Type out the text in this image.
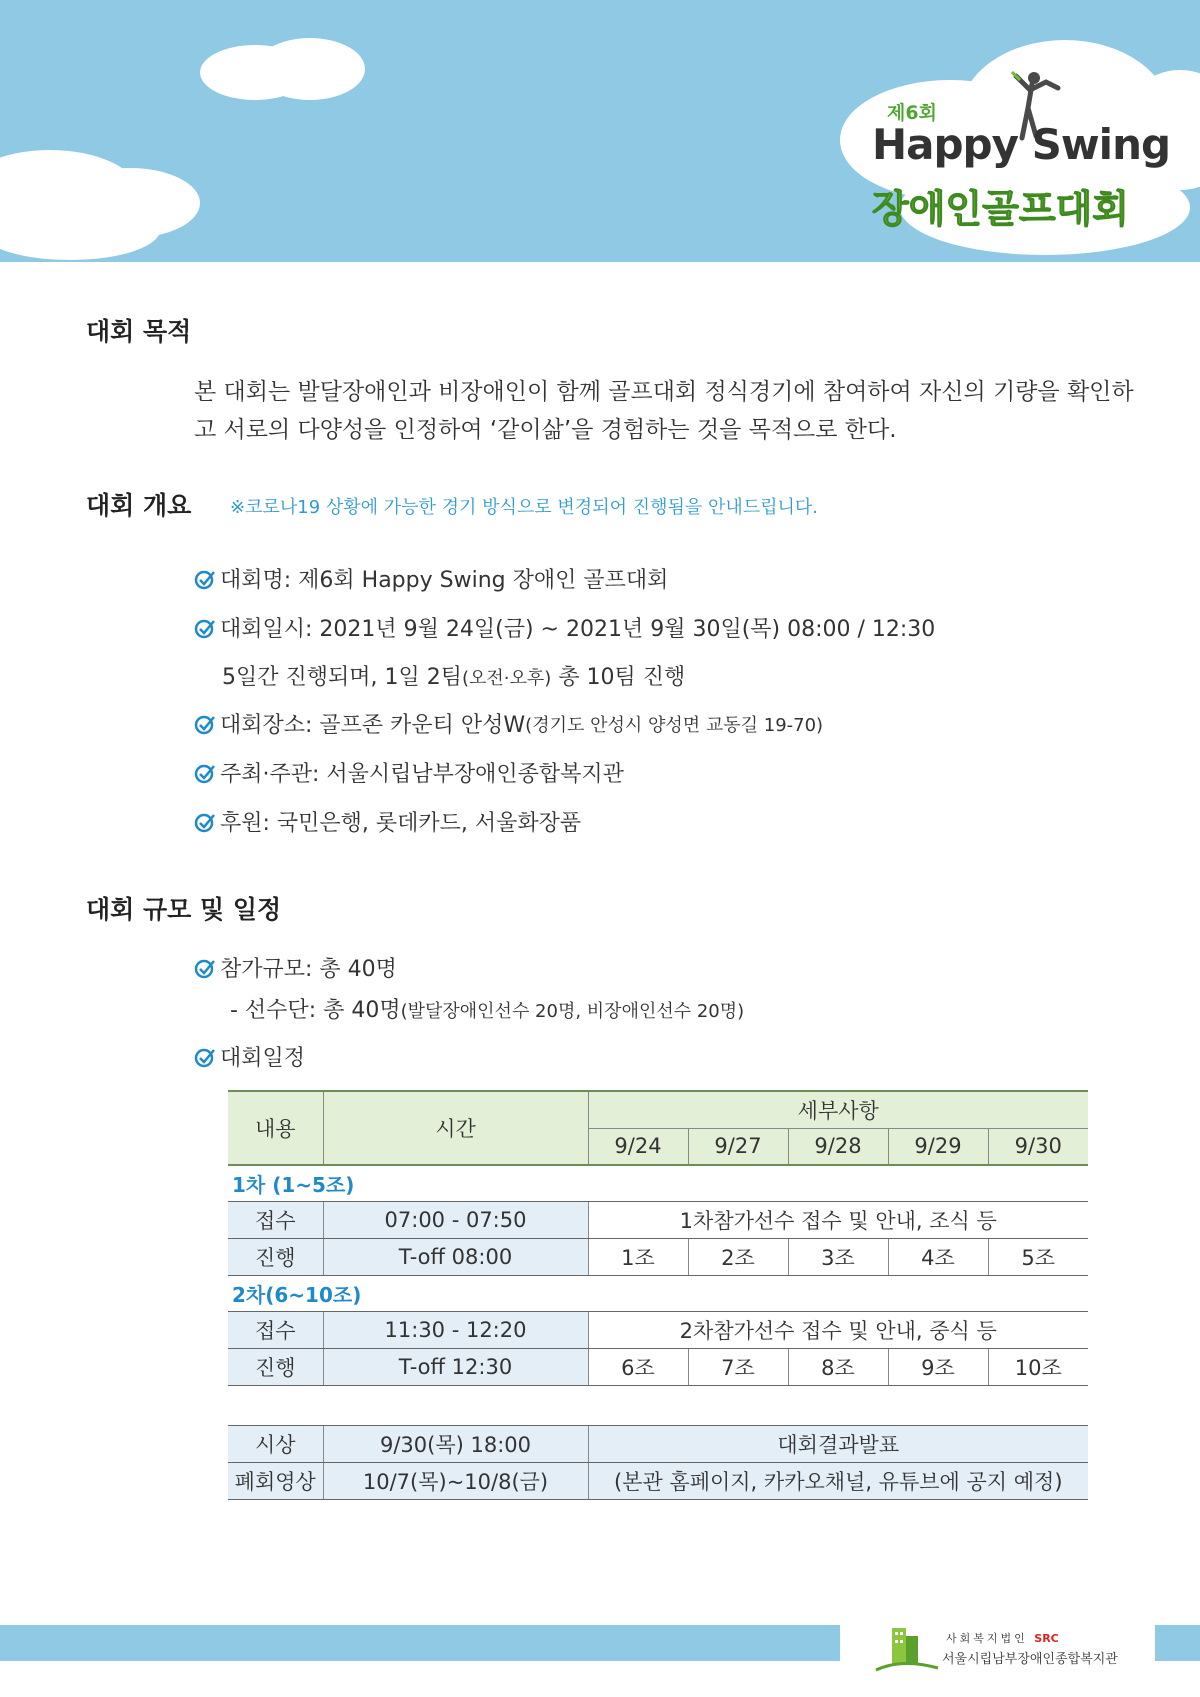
제6회
Happy Swing
장애인골프대회
대회 목적
본 대회는 발달장애인과 비장애인이 함께 골프대회 정식경기에 참여하여 자신의 기량을 확인하고 서로의 다양성을 인정하여 ‘같이삶’을 경험하는 것을 목적으로 한다.
대회 개요 ※코로나19 상황에 가능한 경기 방식으로 변경되어 진행됨을 안내드립니다.
대회명: 제6회 Happy Swing 장애인 골프대회
대회일시: 2021년 9월 24일(금) ~ 2021년 9월 30일(목) 08:00 / 12:30
5일간 진행되며, 1일 2팀(오전·오후) 총 10팀 진행
대회장소: 골프존 카운티 안성W (경기도 안성시 양성면 교동길 19-70)
주최·주관: 서울시립남부장애인종합복지관
후원: 국민은행, 롯데카드, 서울화장품
대회 규모 및 일정
참가규모: 총 40명
- 선수단: 총 40명(발달장애인선수 20명, 비장애인선수 20명)
대회일정
내용	시간	세부사항				
		9/24	9/27	9/28	9/29	9/30
1차 (1~5조)						
접수	07:00 - 07:50	1차참가선수 접수 및 안내, 조식 등				
진행	T-off 08:00	1조	2조	3조	4조	5조
2차(6~10조)						
접수	11:30 - 12:20	2차참가선수 접수 및 안내, 중식 등				
진행	T-off 12:30	6조	7조	8조	9조	10조
시상	9/30(목) 18:00	대회결과발표
폐회영상	10/7(목)~10/8(금)	(본관 홈페이지, 카카오채널, 유튜브에 공지 예정)
사회복지법인 SRC
서울시립남부장애인종합복지관
